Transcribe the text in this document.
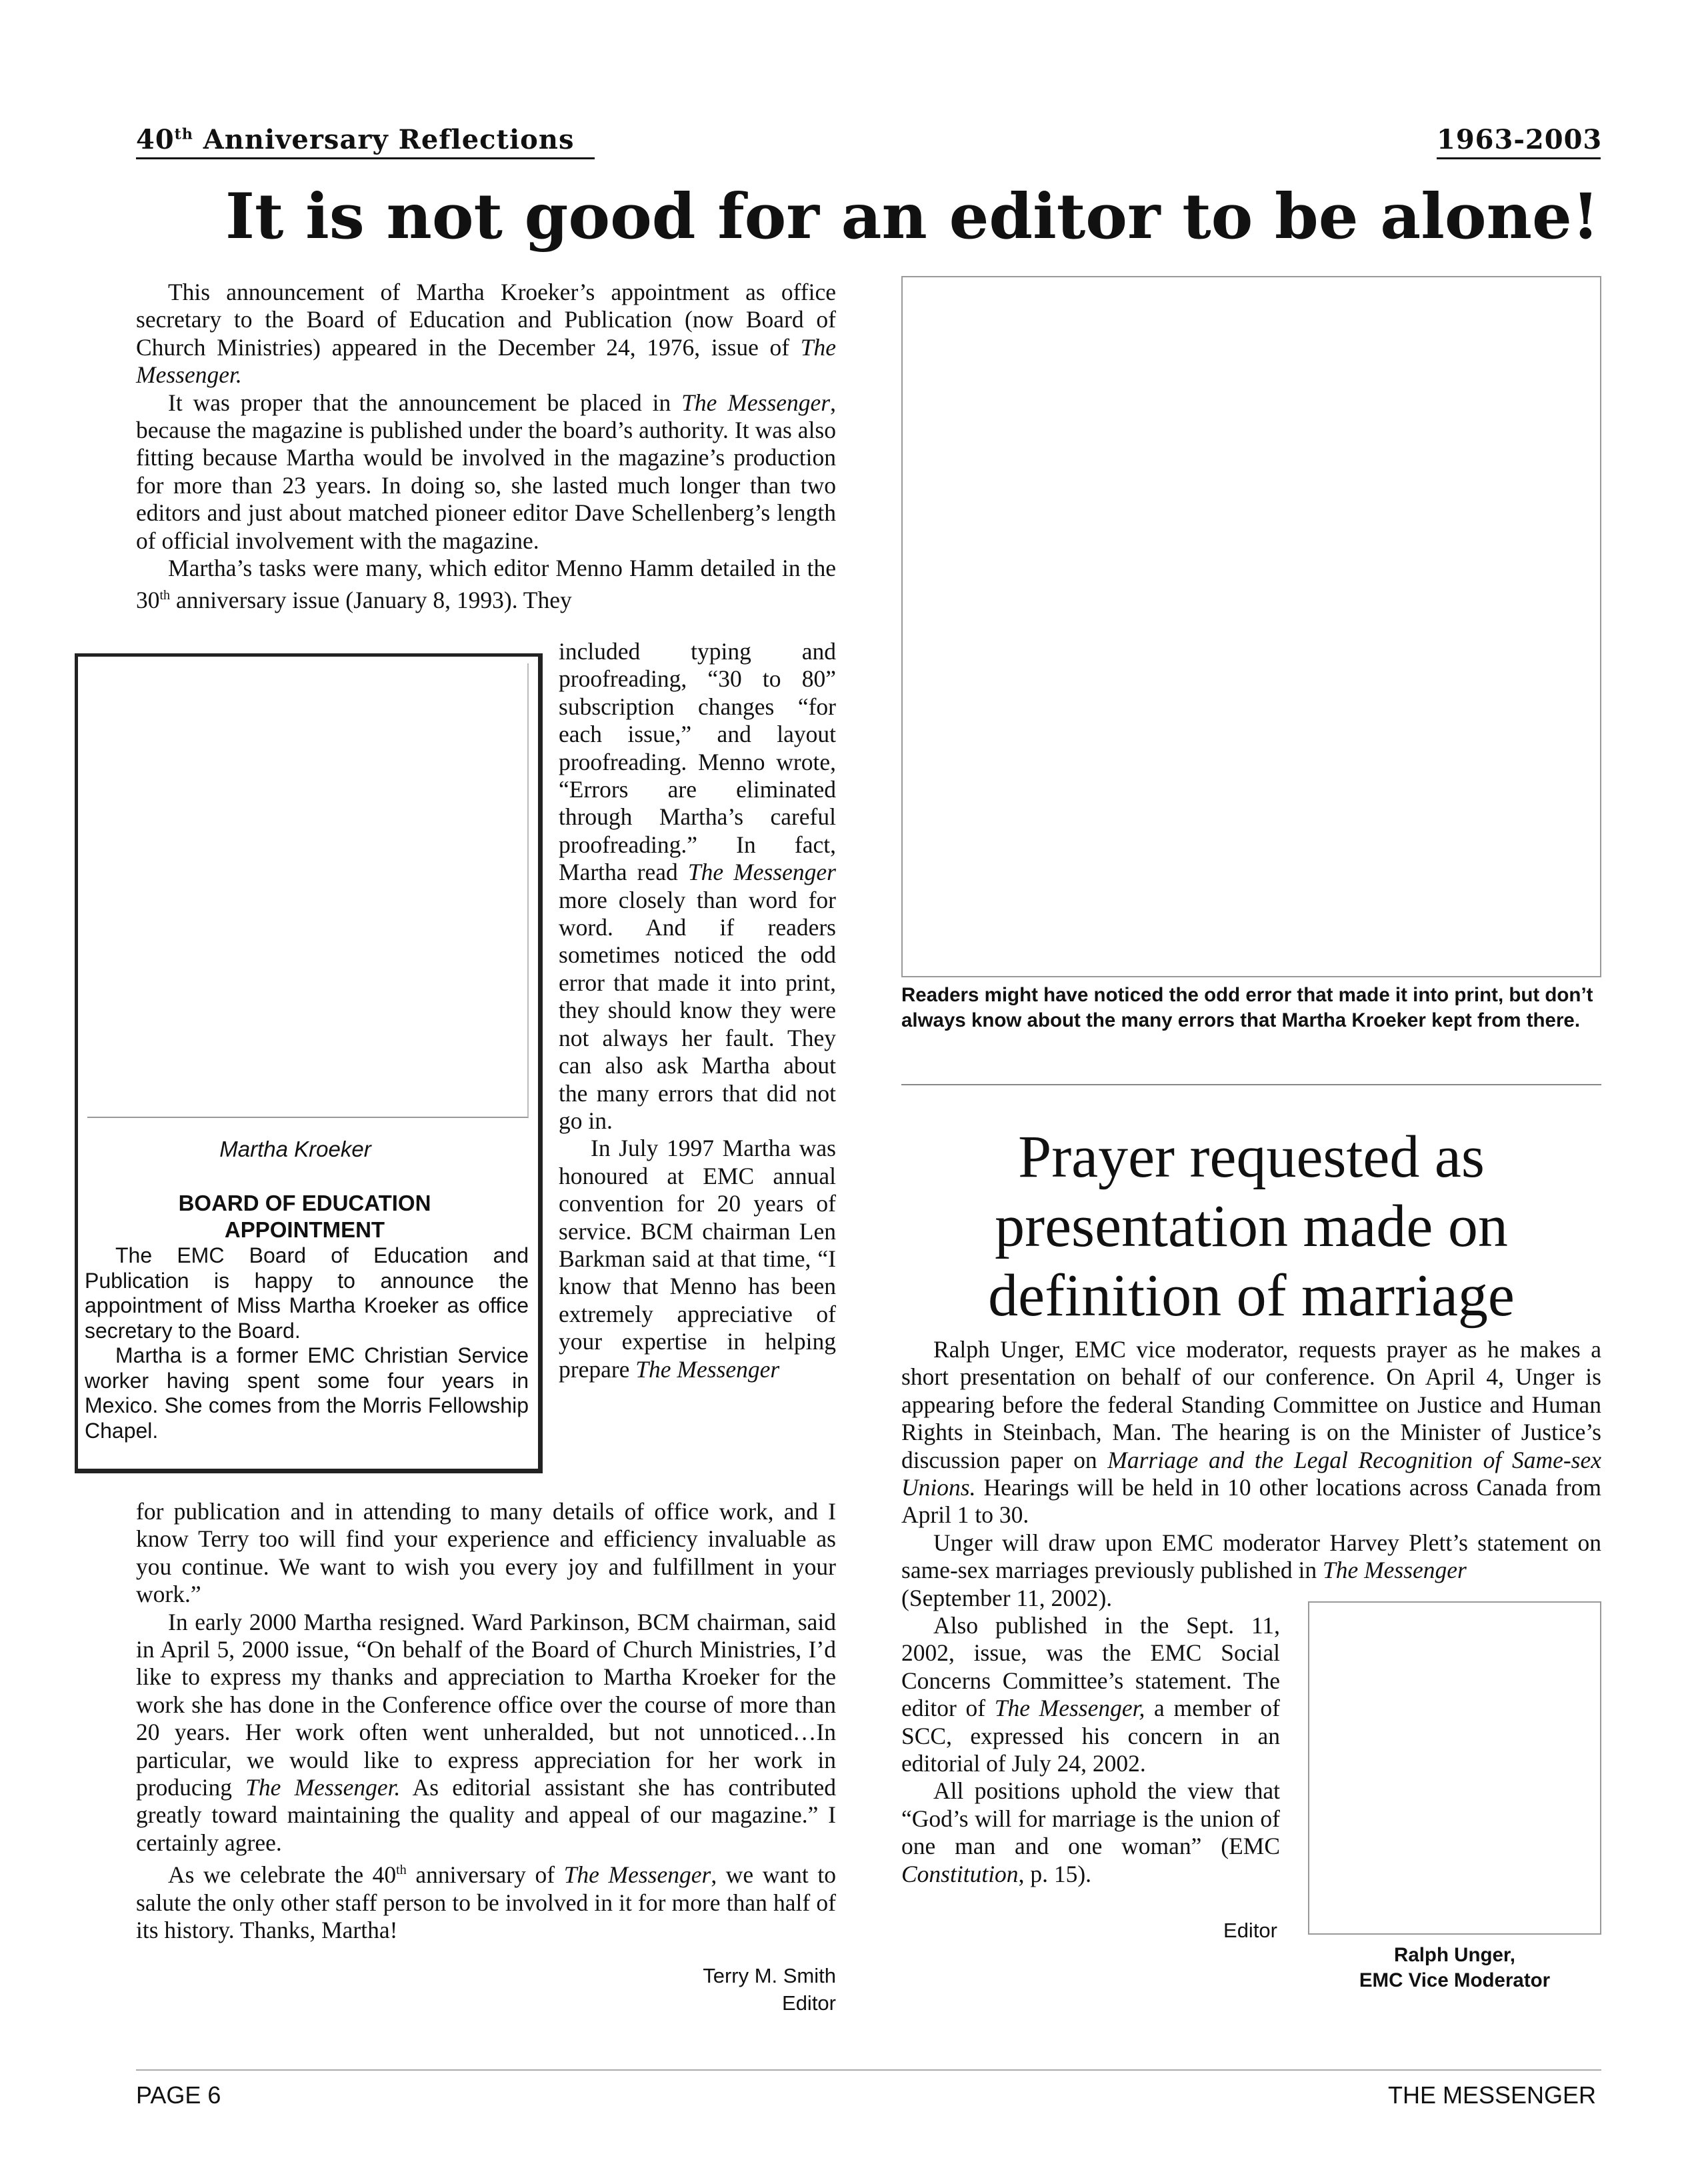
40th Anniversary Reflections	1963-2003
It is not good for an editor to be alone!

This announcement of Martha Kroeker’s appointment as office secretary to the Board of Education and Publication (now Board of Church Ministries) appeared in the December 24, 1976, issue of The Messenger.

It was proper that the announcement be placed in The Messenger, because the magazine is published under the board’s authority. It was also fitting because Martha would be involved in the magazine’s production for more than 23 years. In doing so, she lasted much longer than two editors and just about matched pioneer editor Dave Schellenberg’s length of official involvement with the magazine.

Martha’s tasks were many, which editor Menno Hamm detailed in the 30th anniversary issue (January 8, 1993). They

Martha Kroeker
BOARD OF EDUCATION
APPOINTMENT

The EMC Board of Education and Publication is happy to announce the appointment of Miss Martha Kroeker as office secretary to the Board.

Martha is a former EMC Christian Service worker having spent some four years in Mexico. She comes from the Morris Fellowship Chapel.

included typing and proofreading, “30 to 80” subscription changes “for each issue,” and layout proofreading. Menno wrote, “Errors are eliminated through Martha’s careful proofreading.” In fact, Martha read The Messenger more closely than word for word. And if readers sometimes noticed the odd error that made it into print, they should know they were not always her fault. They can also ask Martha about the many errors that did not go in.

In July 1997 Martha was honoured at EMC annual convention for 20 years of service. BCM chairman Len Barkman said at that time, “I know that Menno has been extremely appreciative of your expertise in helping prepare The Messenger

for publication and in attending to many details of office work, and I know Terry too will find your experience and efficiency invaluable as you continue. We want to wish you every joy and fulfillment in your work.”

In early 2000 Martha resigned. Ward Parkinson, BCM chairman, said in April 5, 2000 issue, “On behalf of the Board of Church Ministries, I’d like to express my thanks and appreciation to Martha Kroeker for the work she has done in the Conference office over the course of more than 20 years. Her work often went unheralded, but not unnoticed…In particular, we would like to express appreciation for her work in producing The Messenger. As editorial assistant she has contributed greatly toward maintaining the quality and appeal of our magazine.” I certainly agree.

As we celebrate the 40th anniversary of The Messenger, we want to salute the only other staff person to be involved in it for more than half of its history. Thanks, Martha!

Terry M. Smith
Editor
Readers might have noticed the odd error that made it into print, but don’t always know about the many errors that Martha Kroeker kept from there.
Prayer requested as presentation made on definition of marriage

Ralph Unger, EMC vice moderator, requests prayer as he makes a short presentation on behalf of our conference. On April 4, Unger is appearing before the federal Standing Committee on Justice and Human Rights in Steinbach, Man. The hearing is on the Minister of Justice’s discussion paper on Marriage and the Legal Recognition of Same-sex Unions. Hearings will be held in 10 other locations across Canada from April 1 to 30.

Unger will draw upon EMC moderator Harvey Plett’s statement on same-sex marriages previously published in The Messenger

(September 11, 2002).

Also published in the Sept. 11, 2002, issue, was the EMC Social Concerns Committee’s statement. The editor of The Messenger, a member of SCC, expressed his concern in an editorial of July 24, 2002.

All positions uphold the view that “God’s will for marriage is the union of one man and one woman” (EMC Constitution, p. 15).

Editor
Ralph Unger,
EMC Vice Moderator
PAGE 6	THE MESSENGER
